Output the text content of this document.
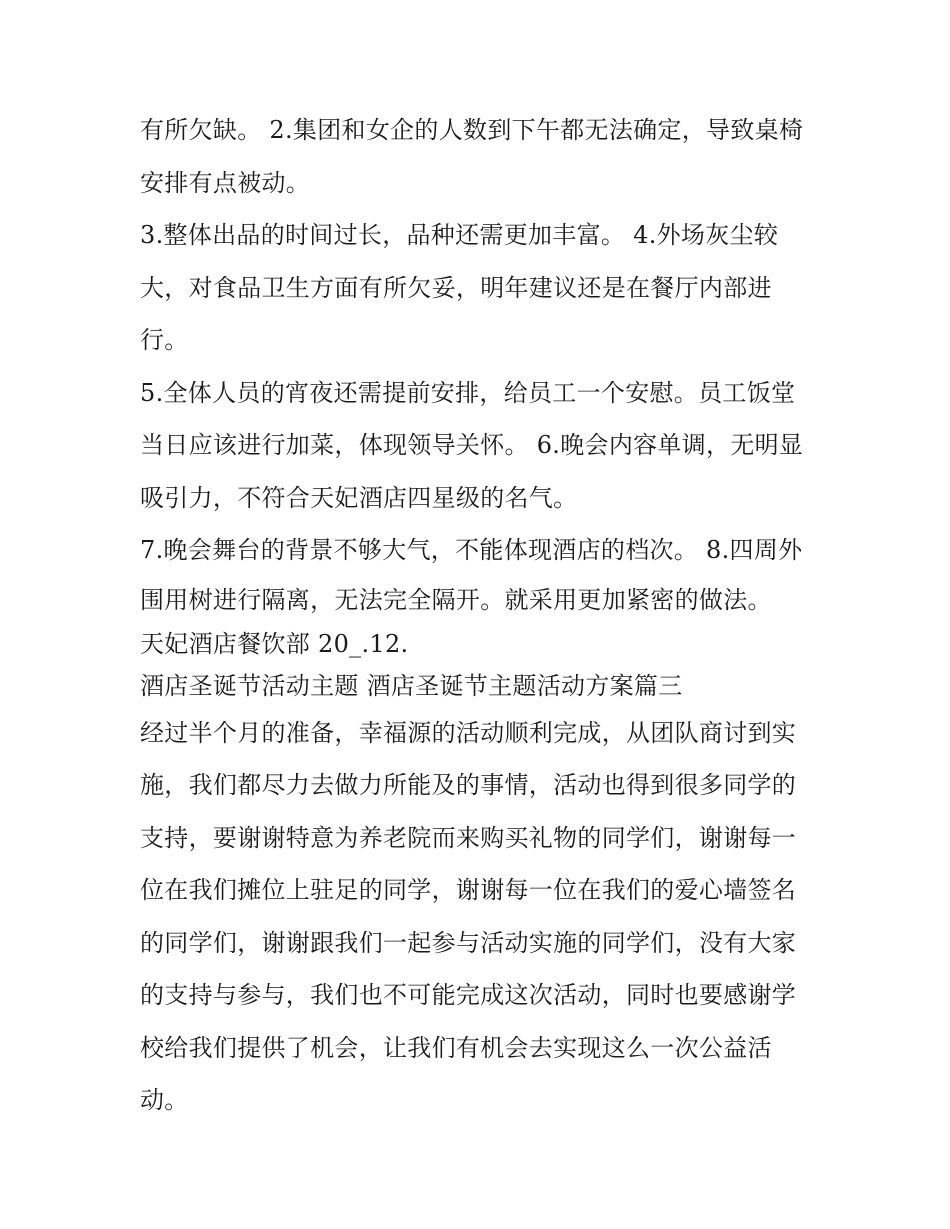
有所欠缺。 2.集团和女企的人数到下午都无法确定，导致桌椅
安排有点被动。
3.整体出品的时间过长，品种还需更加丰富。 4.外场灰尘较
大，对食品卫生方面有所欠妥，明年建议还是在餐厅内部进
行。
5.全体人员的宵夜还需提前安排，给员工一个安慰。员工饭堂
当日应该进行加菜，体现领导关怀。 6.晚会内容单调，无明显
吸引力，不符合天妃酒店四星级的名气。
7.晚会舞台的背景不够大气，不能体现酒店的档次。 8.四周外
围用树进行隔离，无法完全隔开。就采用更加紧密的做法。
天妃酒店餐饮部 20_.12.
酒店圣诞节活动主题 酒店圣诞节主题活动方案篇三
经过半个月的准备，幸福源的活动顺利完成，从团队商讨到实
施，我们都尽力去做力所能及的事情，活动也得到很多同学的
支持，要谢谢特意为养老院而来购买礼物的同学们，谢谢每一
位在我们摊位上驻足的同学，谢谢每一位在我们的爱心墙签名
的同学们，谢谢跟我们一起参与活动实施的同学们，没有大家
的支持与参与，我们也不可能完成这次活动，同时也要感谢学
校给我们提供了机会，让我们有机会去实现这么一次公益活
动。
